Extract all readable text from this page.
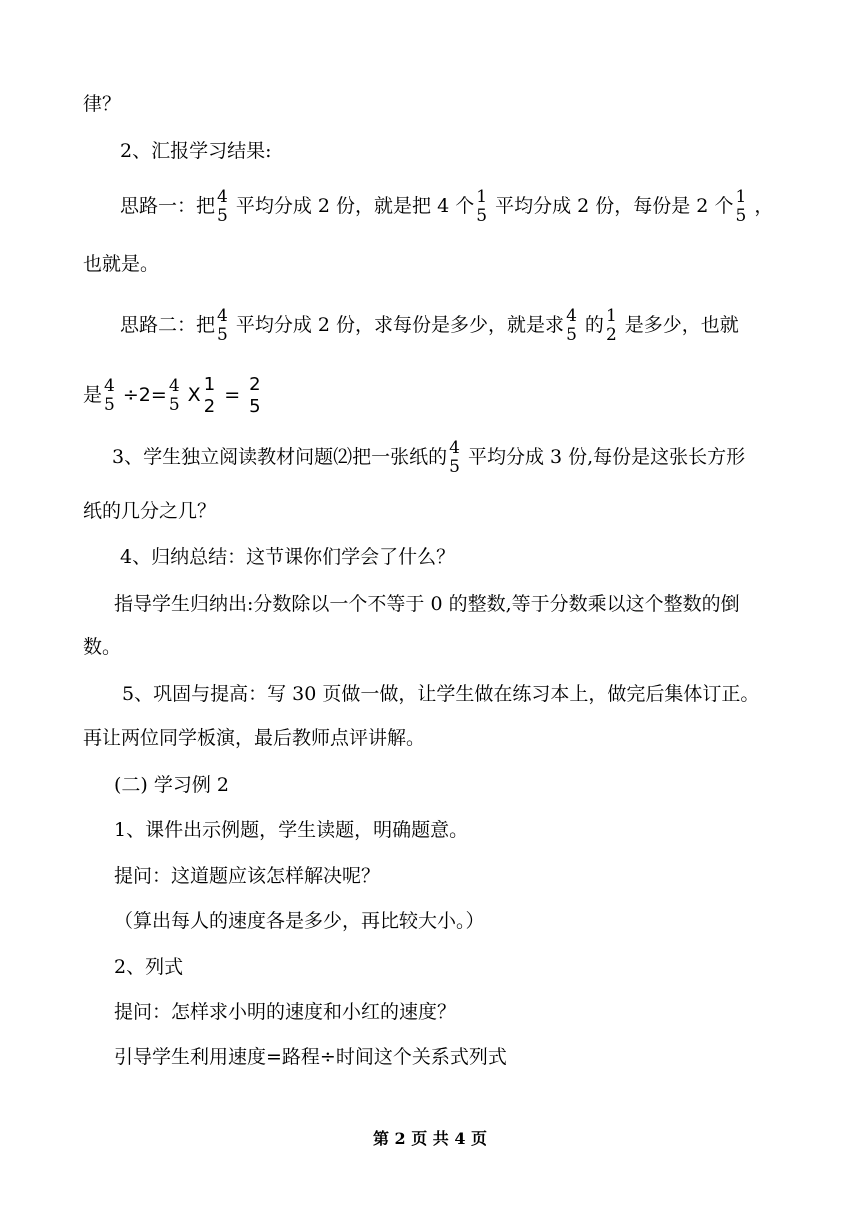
律？
2、汇报学习结果:
思路一：把 4
5 平均分成 2 份，就是把 4 个 1
5 平均分成 2 份，每份是 2 个 1
5 ，
也就是。
思路二：把 4
5 平均分成 2 份，求每份是多少，就是求 4
5 的 1
2 是多少，也就
是 4
5 ÷2= 4
5 X 1
2
= 2
5
3、学生独立阅读教材问题⑵把一张纸的 4
5 平均分成 3 份,每份是这张长方形
纸的几分之几？
4、归纳总结：这节课你们学会了什么？
指导学生归纳出:分数除以一个不等于 0 的整数,等于分数乘以这个整数的倒
数。
5、巩固与提高：写 30 页做一做，让学生做在练习本上，做完后集体订正。
再让两位同学板演，最后教师点评讲解。
(二) 学习例 2
1、课件出示例题，学生读题，明确题意。
提问：这道题应该怎样解决呢？
（算出每人的速度各是多少，再比较大小。）
2、列式
提问：怎样求小明的速度和小红的速度？
引导学生利用速度=路程÷时间这个关系式列式
第 2 页 共 4 页
